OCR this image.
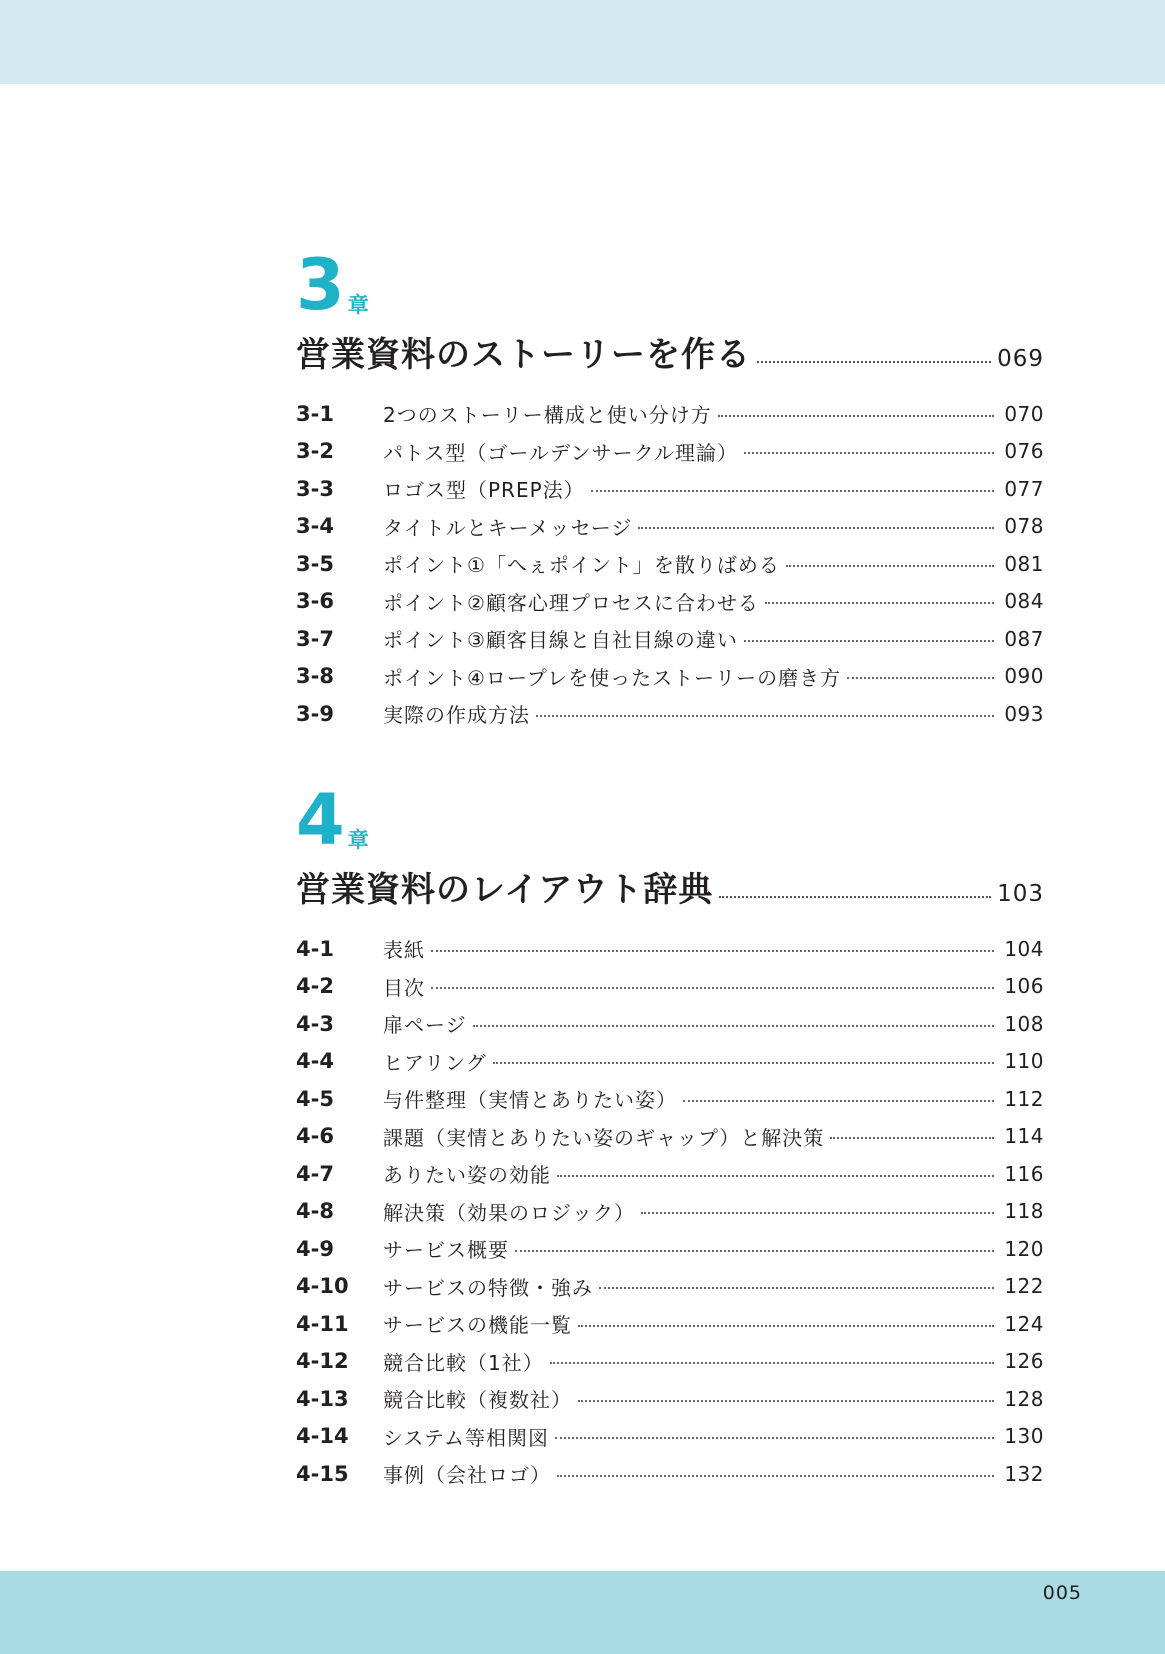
3 章
営業資料のストーリーを作る	069
3-1	2つのストーリー構成と使い分け方	070
3-2	パトス型（ゴールデンサークル理論）	076
3-3	ロゴス型（PREP法）	077
3-4	タイトルとキーメッセージ	078
3-5	ポイント①「へぇポイント」を散りばめる	081
3-6	ポイント②顧客心理プロセスに合わせる	084
3-7	ポイント③顧客目線と自社目線の違い	087
3-8	ポイント④ロープレを使ったストーリーの磨き方	090
3-9	実際の作成方法	093
4 章
営業資料のレイアウト辞典	103
4-1	表紙	104
4-2	目次	106
4-3	扉ページ	108
4-4	ヒアリング	110
4-5	与件整理（実情とありたい姿）	112
4-6	課題（実情とありたい姿のギャップ）と解決策	114
4-7	ありたい姿の効能	116
4-8	解決策（効果のロジック）	118
4-9	サービス概要	120
4-10	サービスの特徴・強み	122
4-11	サービスの機能一覧	124
4-12	競合比較（1社）	126
4-13	競合比較（複数社）	128
4-14	システム等相関図	130
4-15	事例（会社ロゴ）	132
005
